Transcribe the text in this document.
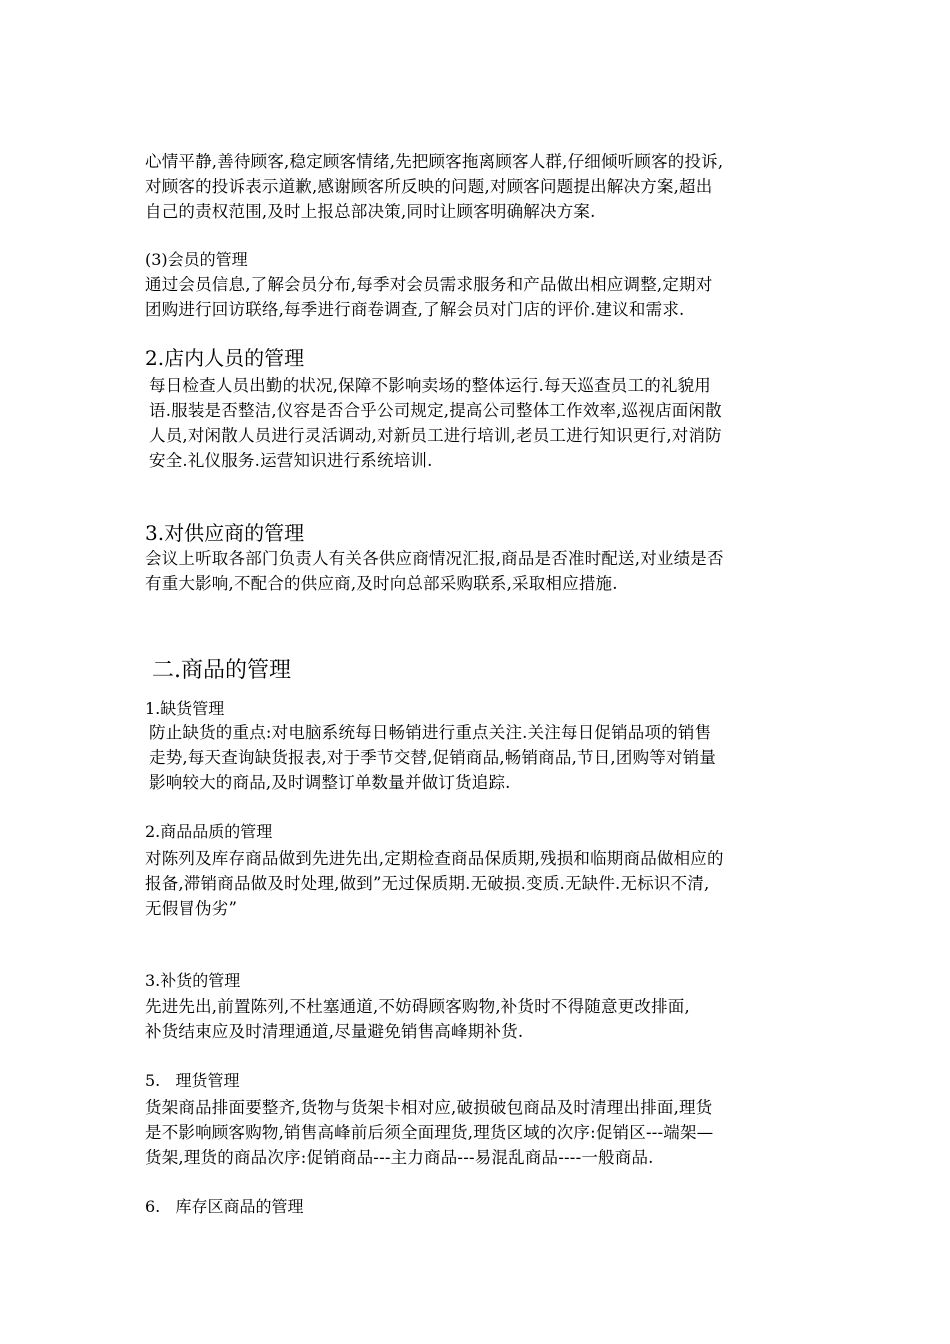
心情平静,善待顾客,稳定顾客情绪,先把顾客拖离顾客人群,仔细倾听顾客的投诉,
对顾客的投诉表示道歉,感谢顾客所反映的问题,对顾客问题提出解决方案,超出
自己的责权范围,及时上报总部决策,同时让顾客明确解决方案.
(3)会员的管理
通过会员信息,了解会员分布,每季对会员需求服务和产品做出相应调整,定期对
团购进行回访联络,每季进行商卷调查,了解会员对门店的评价.建议和需求.
2.店内人员的管理
每日检查人员出勤的状况,保障不影响卖场的整体运行.每天巡查员工的礼貌用
语.服装是否整洁,仪容是否合乎公司规定,提高公司整体工作效率,巡视店面闲散
人员,对闲散人员进行灵活调动,对新员工进行培训,老员工进行知识更行,对消防
安全.礼仪服务.运营知识进行系统培训.
3.对供应商的管理
会议上听取各部门负责人有关各供应商情况汇报,商品是否准时配送,对业绩是否
有重大影响,不配合的供应商,及时向总部采购联系,采取相应措施.
二.商品的管理
1.缺货管理
防止缺货的重点:对电脑系统每日畅销进行重点关注.关注每日促销品项的销售
走势,每天查询缺货报表,对于季节交替,促销商品,畅销商品,节日,团购等对销量
影响较大的商品,及时调整订单数量并做订货追踪.
2.商品品质的管理
对陈列及库存商品做到先进先出,定期检查商品保质期,残损和临期商品做相应的
报备,滞销商品做及时处理,做到”无过保质期.无破损.变质.无缺件.无标识不清,
无假冒伪劣”
3.补货的管理
先进先出,前置陈列,不杜塞通道,不妨碍顾客购物,补货时不得随意更改排面,
补货结束应及时清理通道,尽量避免销售高峰期补货.
5.   理货管理
货架商品排面要整齐,货物与货架卡相对应,破损破包商品及时清理出排面,理货
是不影响顾客购物,销售高峰前后须全面理货,理货区域的次序:促销区---端架—
货架,理货的商品次序:促销商品---主力商品---易混乱商品----一般商品.
6.   库存区商品的管理
